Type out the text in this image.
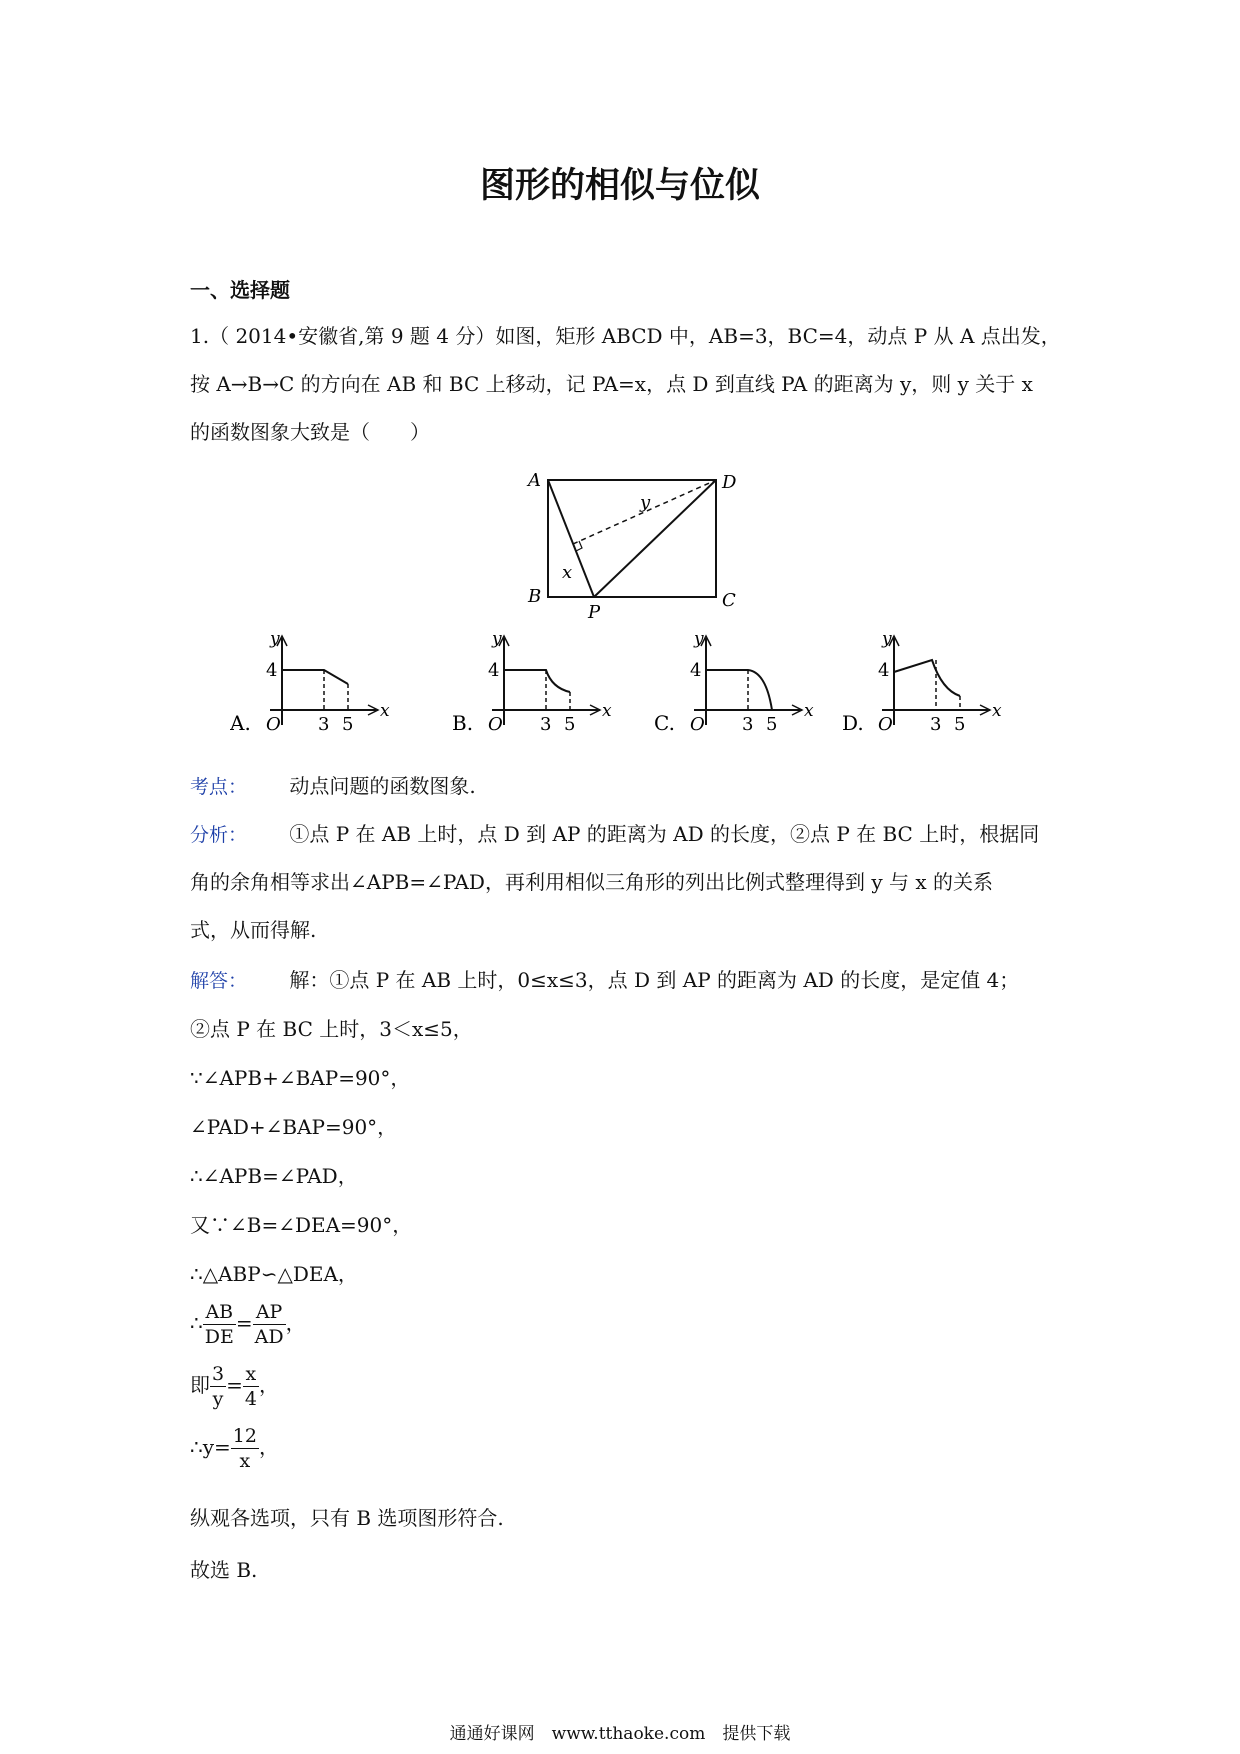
图形的相似与位似
一、选择题
1.（ 2014•安徽省,第 9 题 4 分）如图，矩形 ABCD 中，AB=3，BC=4，动点 P 从 A 点出发，
按 A→B→C 的方向在 AB 和 BC 上移动，记 PA=x，点 D 到直线 PA 的距离为 y，则 y 关于 x
的函数图象大致是（　　）
A	D
B	C
P
x
y
A.
y
x
O
4
3 5	B.
y
x
O
4
3 5	C.
y
x
O
4
3 5	D.
y
x
O
4
3 5
考点： 动点问题的函数图象.
分析： ①点 P 在 AB 上时，点 D 到 AP 的距离为 AD 的长度，②点 P 在 BC 上时，根据同
角的余角相等求出∠APB=∠PAD，再利用相似三角形的列出比例式整理得到 y 与 x 的关系
式，从而得解.
解答： 解：①点 P 在 AB 上时，0≤x≤3，点 D 到 AP 的距离为 AD 的长度，是定值 4；
②点 P 在 BC 上时，3＜x≤5，
∵∠APB+∠BAP=90°，
∠PAD+∠BAP=90°，
∴∠APB=∠PAD，
又∵∠B=∠DEA=90°，
∴△ABP∽△DEA，
∴ $\frac{AB}{DE} = \frac{AP}{AD}$ ，
即 $\frac{3}{y} = \frac{x}{4}$ ，
∴y= $\frac{12}{x}$ ，
纵观各选项，只有 B 选项图形符合.
故选 B.
通通好课网　www.tthaoke.com　提供下载
